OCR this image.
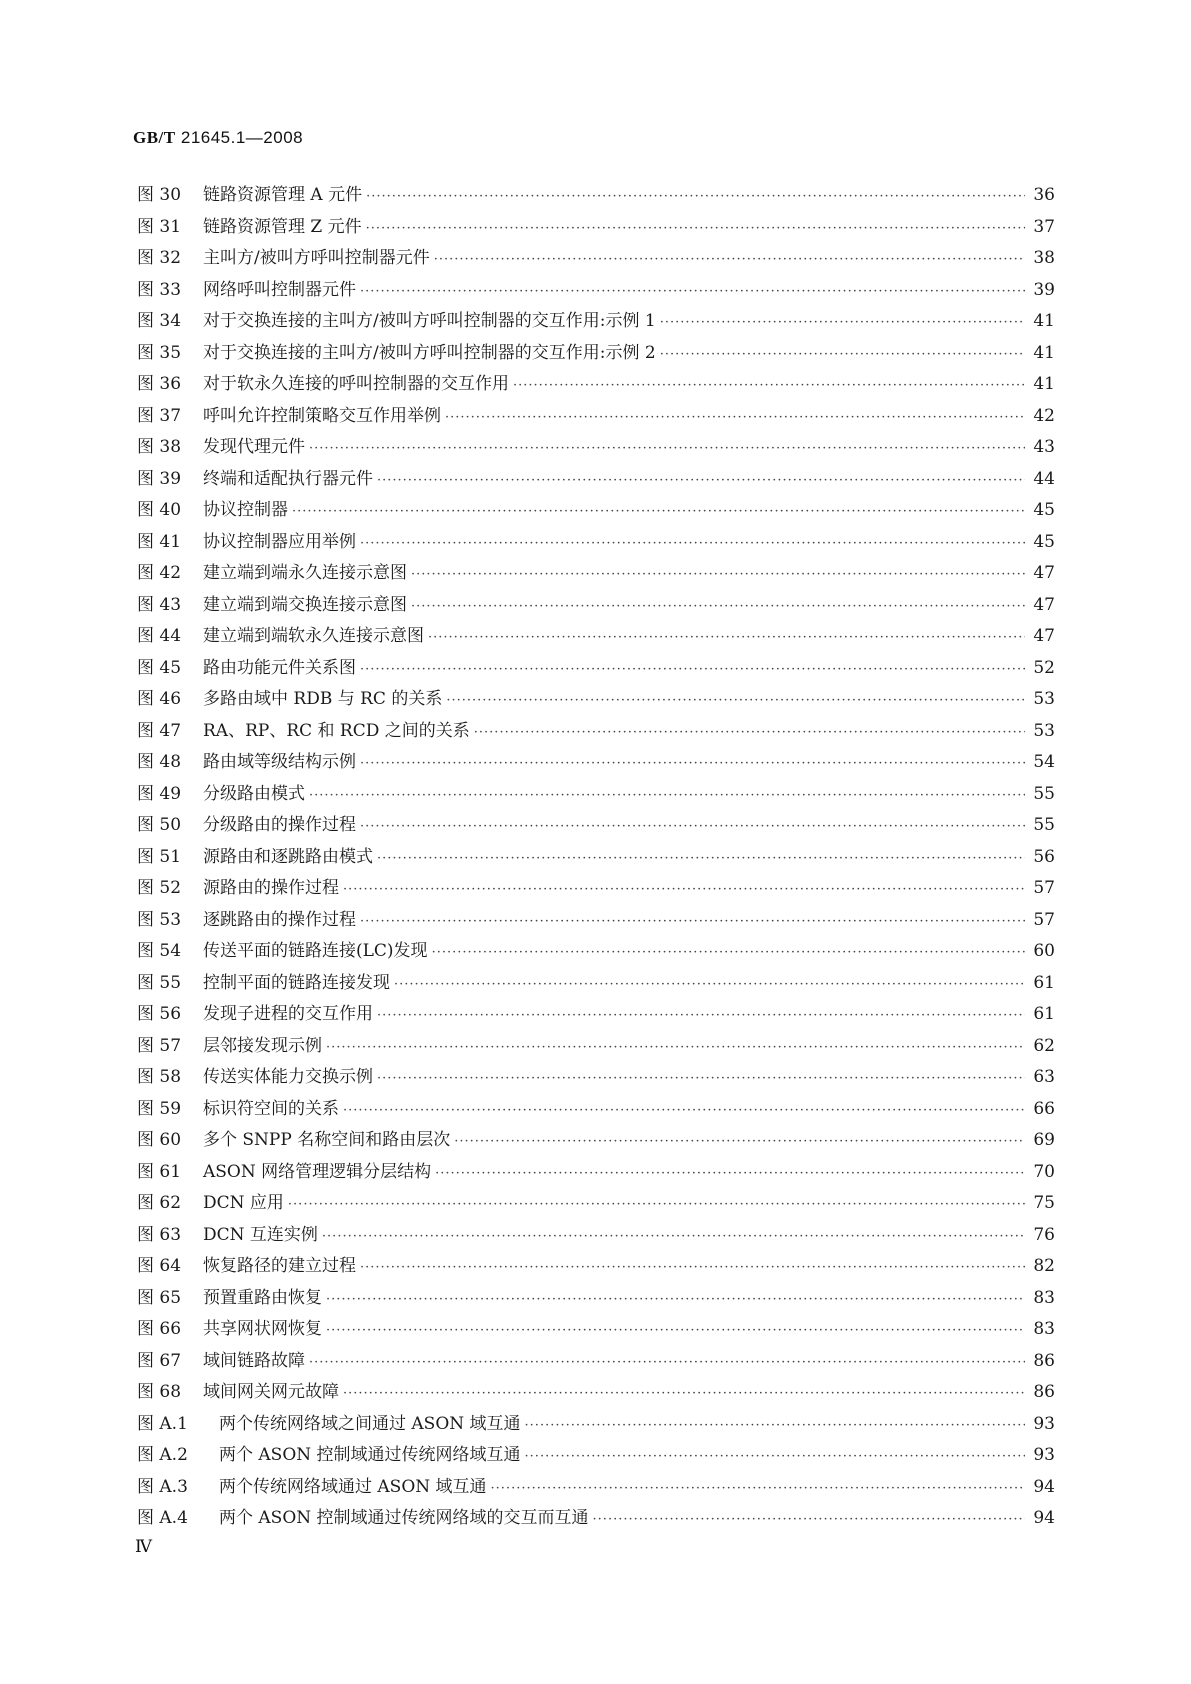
GB/T 21645.1—2008
图 30	链路资源管理 A 元件 ·····	36
图 31	链路资源管理 Z 元件 ·····	37
图 32	主叫方/被叫方呼叫控制器元件 ·····	38
图 33	网络呼叫控制器元件 ·····	39
图 34	对于交换连接的主叫方/被叫方呼叫控制器的交互作用:示例 1 ·····	41
图 35	对于交换连接的主叫方/被叫方呼叫控制器的交互作用:示例 2 ·····	41
图 36	对于软永久连接的呼叫控制器的交互作用 ·····	41
图 37	呼叫允许控制策略交互作用举例 ·····	42
图 38	发现代理元件 ·····	43
图 39	终端和适配执行器元件 ·····	44
图 40	协议控制器 ·····	45
图 41	协议控制器应用举例 ·····	45
图 42	建立端到端永久连接示意图 ·····	47
图 43	建立端到端交换连接示意图 ·····	47
图 44	建立端到端软永久连接示意图 ·····	47
图 45	路由功能元件关系图 ·····	52
图 46	多路由域中 RDB 与 RC 的关系 ·····	53
图 47	RA、RP、RC 和 RCD 之间的关系 ·····	53
图 48	路由域等级结构示例 ·····	54
图 49	分级路由模式 ·····	55
图 50	分级路由的操作过程 ·····	55
图 51	源路由和逐跳路由模式 ·····	56
图 52	源路由的操作过程 ·····	57
图 53	逐跳路由的操作过程 ·····	57
图 54	传送平面的链路连接(LC)发现 ·····	60
图 55	控制平面的链路连接发现 ·····	61
图 56	发现子进程的交互作用 ·····	61
图 57	层邻接发现示例 ·····	62
图 58	传送实体能力交换示例 ·····	63
图 59	标识符空间的关系 ·····	66
图 60	多个 SNPP 名称空间和路由层次 ·····	69
图 61	ASON 网络管理逻辑分层结构 ·····	70
图 62	DCN 应用 ·····	75
图 63	DCN 互连实例 ·····	76
图 64	恢复路径的建立过程 ·····	82
图 65	预置重路由恢复 ·····	83
图 66	共享网状网恢复 ·····	83
图 67	域间链路故障 ·····	86
图 68	域间网关网元故障 ·····	86
图 A.1	两个传统网络域之间通过 ASON 域互通 ·····	93
图 A.2	两个 ASON 控制域通过传统网络域互通 ·····	93
图 A.3	两个传统网络域通过 ASON 域互通 ·····	94
图 A.4	两个 ASON 控制域通过传统网络域的交互而互通 ·····	94
Ⅳ
